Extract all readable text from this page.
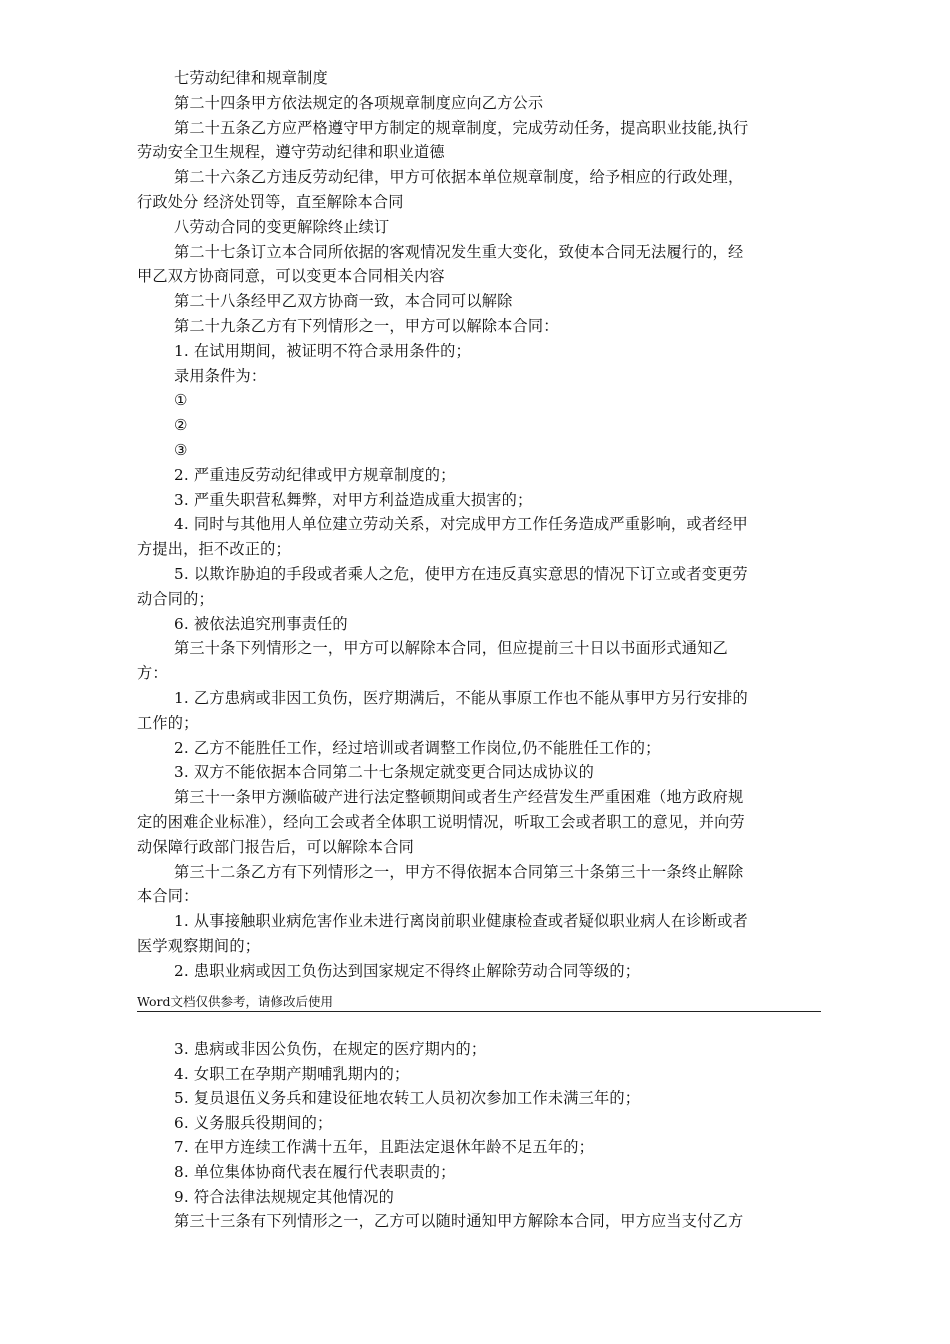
七劳动纪律和规章制度
第二十四条甲方依法规定的各项规章制度应向乙方公示
第二十五条乙方应严格遵守甲方制定的规章制度，完成劳动任务，提高职业技能,执行
劳动安全卫生规程，遵守劳动纪律和职业道德
第二十六条乙方违反劳动纪律，甲方可依据本单位规章制度，给予相应的行政处理，
行政处分 经济处罚等，直至解除本合同
八劳动合同的变更解除终止续订
第二十七条订立本合同所依据的客观情况发生重大变化，致使本合同无法履行的，经
甲乙双方协商同意，可以变更本合同相关内容
第二十八条经甲乙双方协商一致，本合同可以解除
第二十九条乙方有下列情形之一，甲方可以解除本合同：
1. 在试用期间，被证明不符合录用条件的；
录用条件为：
①
②
③
2. 严重违反劳动纪律或甲方规章制度的；
3. 严重失职营私舞弊，对甲方利益造成重大损害的；
4. 同时与其他用人单位建立劳动关系，对完成甲方工作任务造成严重影响，或者经甲
方提出，拒不改正的；
5. 以欺诈胁迫的手段或者乘人之危，使甲方在违反真实意思的情况下订立或者变更劳
动合同的；
6. 被依法追究刑事责任的
第三十条下列情形之一，甲方可以解除本合同，但应提前三十日以书面形式通知乙
方：
1. 乙方患病或非因工负伤，医疗期满后，不能从事原工作也不能从事甲方另行安排的
工作的；
2. 乙方不能胜任工作，经过培训或者调整工作岗位,仍不能胜任工作的；
3. 双方不能依据本合同第二十七条规定就变更合同达成协议的
第三十一条甲方濒临破产进行法定整顿期间或者生产经营发生严重困难（地方政府规
定的困难企业标准），经向工会或者全体职工说明情况，听取工会或者职工的意见，并向劳
动保障行政部门报告后，可以解除本合同
第三十二条乙方有下列情形之一，甲方不得依据本合同第三十条第三十一条终止解除
本合同：
1. 从事接触职业病危害作业未进行离岗前职业健康检查或者疑似职业病人在诊断或者
医学观察期间的；
2. 患职业病或因工负伤达到国家规定不得终止解除劳动合同等级的；
Word文档仅供参考，请修改后使用
3. 患病或非因公负伤，在规定的医疗期内的；
4. 女职工在孕期产期哺乳期内的；
5. 复员退伍义务兵和建设征地农转工人员初次参加工作未满三年的；
6. 义务服兵役期间的；
7. 在甲方连续工作满十五年，且距法定退休年龄不足五年的；
8. 单位集体协商代表在履行代表职责的；
9. 符合法律法规规定其他情况的
第三十三条有下列情形之一，乙方可以随时通知甲方解除本合同，甲方应当支付乙方
